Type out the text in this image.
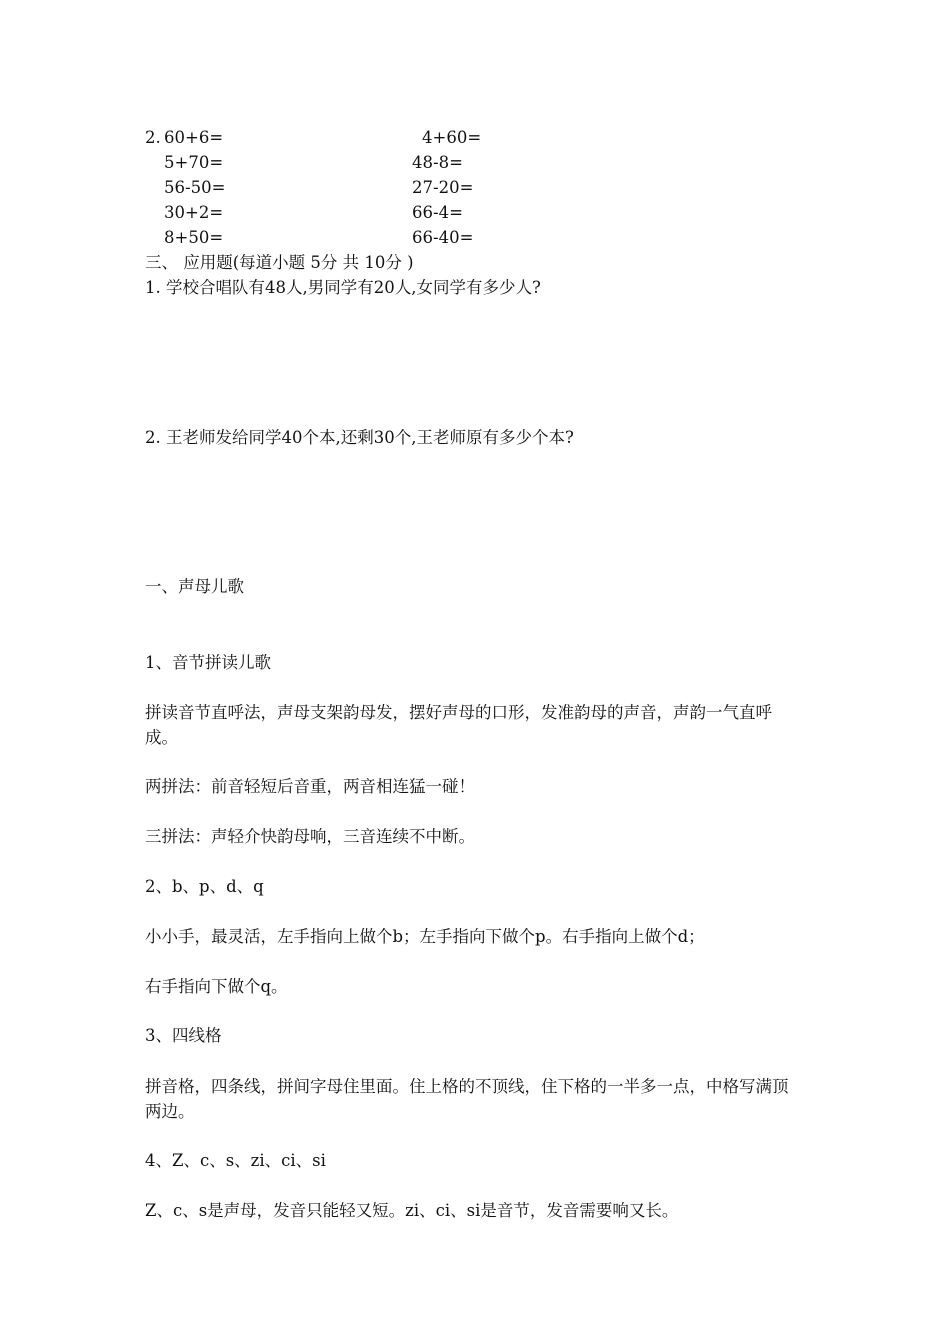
2. 60+6=	4+60=
5+70=	48-8=
56-50=	27-20=
30+2=	66-4=
8+50=	66-40=
三、 应用题(每道小题 5分 共 10分 )
1. 学校合唱队有48人,男同学有20人,女同学有多少人?
2. 王老师发给同学40个本,还剩30个,王老师原有多少个本?
一、声母儿歌
1、音节拼读儿歌
拼读音节直呼法，声母支架韵母发，摆好声母的口形，发准韵母的声音，声韵一气直呼成。
两拼法：前音轻短后音重，两音相连猛一碰！
三拼法：声轻介快韵母响，三音连续不中断。
2、b、p、d、q
小小手，最灵活，左手指向上做个b；左手指向下做个p。右手指向上做个d；
右手指向下做个q。
3、四线格
拼音格，四条线，拼间字母住里面。住上格的不顶线，住下格的一半多一点，中格写满顶两边。
4、Z、c、s、zi、ci、si
Z、c、s是声母，发音只能轻又短。zi、ci、si是音节，发音需要响又长。
